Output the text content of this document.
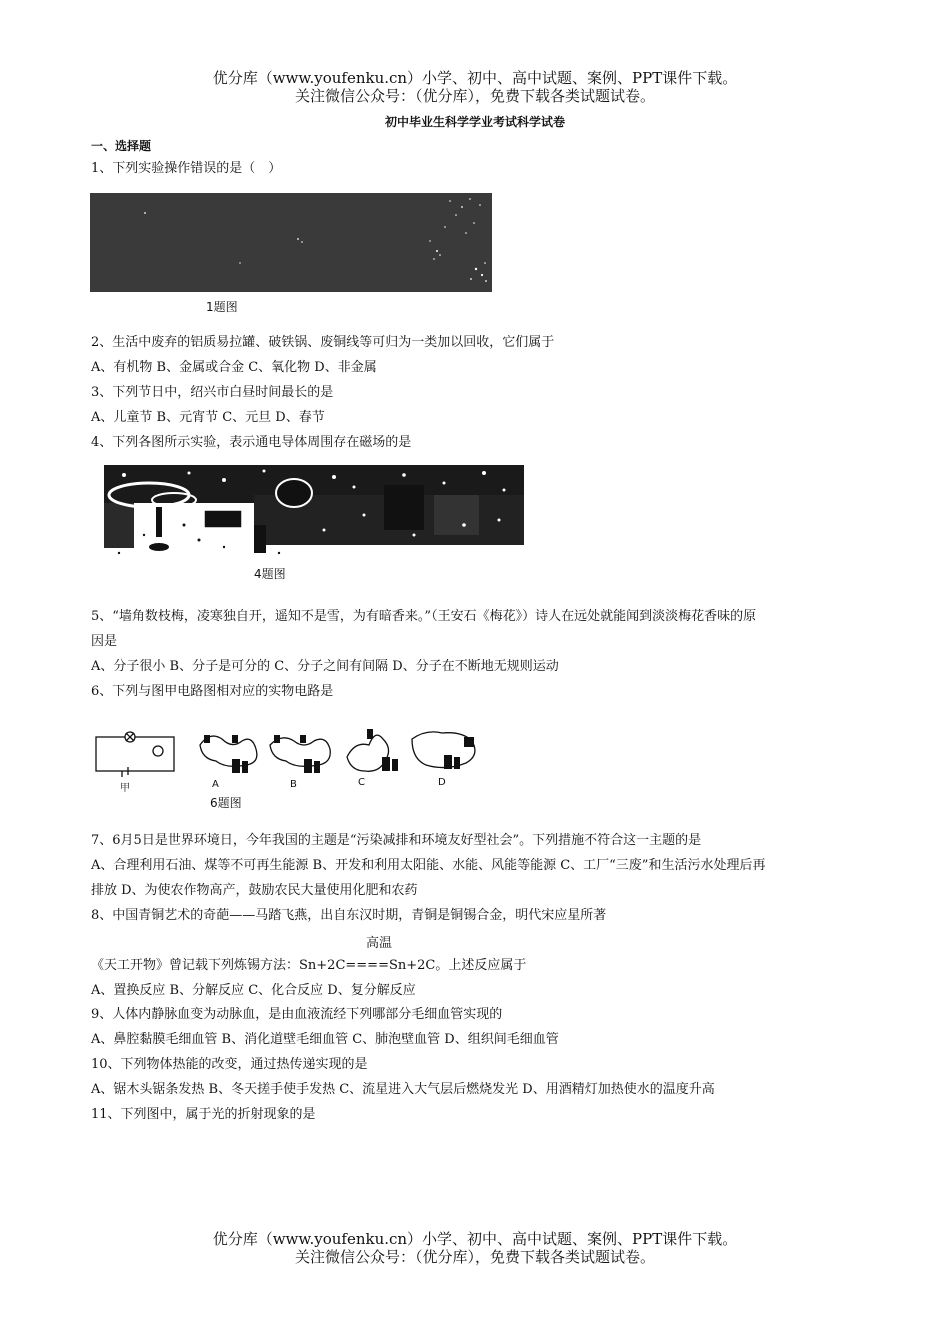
优分库（www.youfenku.cn）小学、初中、高中试题、案例、PPT课件下载。
关注微信公众号：（优分库），免费下载各类试题试卷。
初中毕业生科学学业考试科学试卷
一、选择题
1、下列实验操作错误的是（　）
1题图
2、生活中废弃的铝质易拉罐、破铁锅、废铜线等可归为一类加以回收，它们属于
A、有机物 B、金属或合金 C、氧化物 D、非金属
3、下列节日中，绍兴市白昼时间最长的是
A、儿童节 B、元宵节 C、元旦 D、春节
4、下列各图所示实验，表示通电导体周围存在磁场的是
4题图
5、“墙角数枝梅，凌寒独自开，遥知不是雪，为有暗香来。”（王安石《梅花》）诗人在远处就能闻到淡淡梅花香味的原
因是
A、分子很小 B、分子是可分的 C、分子之间有间隔 D、分子在不断地无规则运动
6、下列与图甲电路图相对应的实物电路是
甲	A	B	C	D
6题图
7、6月5日是世界环境日，今年我国的主题是“污染减排和环境友好型社会”。下列措施不符合这一主题的是
A、合理利用石油、煤等不可再生能源 B、开发和利用太阳能、水能、风能等能源 C、工厂“三废”和生活污水处理后再
排放 D、为使农作物高产，鼓励农民大量使用化肥和农药
8、中国青铜艺术的奇葩——马踏飞燕，出自东汉时期，青铜是铜锡合金，明代宋应星所著
高温
《天工开物》曾记载下列炼锡方法：Sn+2C====Sn+2C。上述反应属于
A、置换反应 B、分解反应 C、化合反应 D、复分解反应
9、人体内静脉血变为动脉血，是由血液流经下列哪部分毛细血管实现的
A、鼻腔黏膜毛细血管 B、消化道壁毛细血管 C、肺泡壁血管 D、组织间毛细血管
10、下列物体热能的改变，通过热传递实现的是
A、锯木头锯条发热 B、冬天搓手使手发热 C、流星进入大气层后燃烧发光 D、用酒精灯加热使水的温度升高
11、下列图中，属于光的折射现象的是
优分库（www.youfenku.cn）小学、初中、高中试题、案例、PPT课件下载。
关注微信公众号：（优分库），免费下载各类试题试卷。
